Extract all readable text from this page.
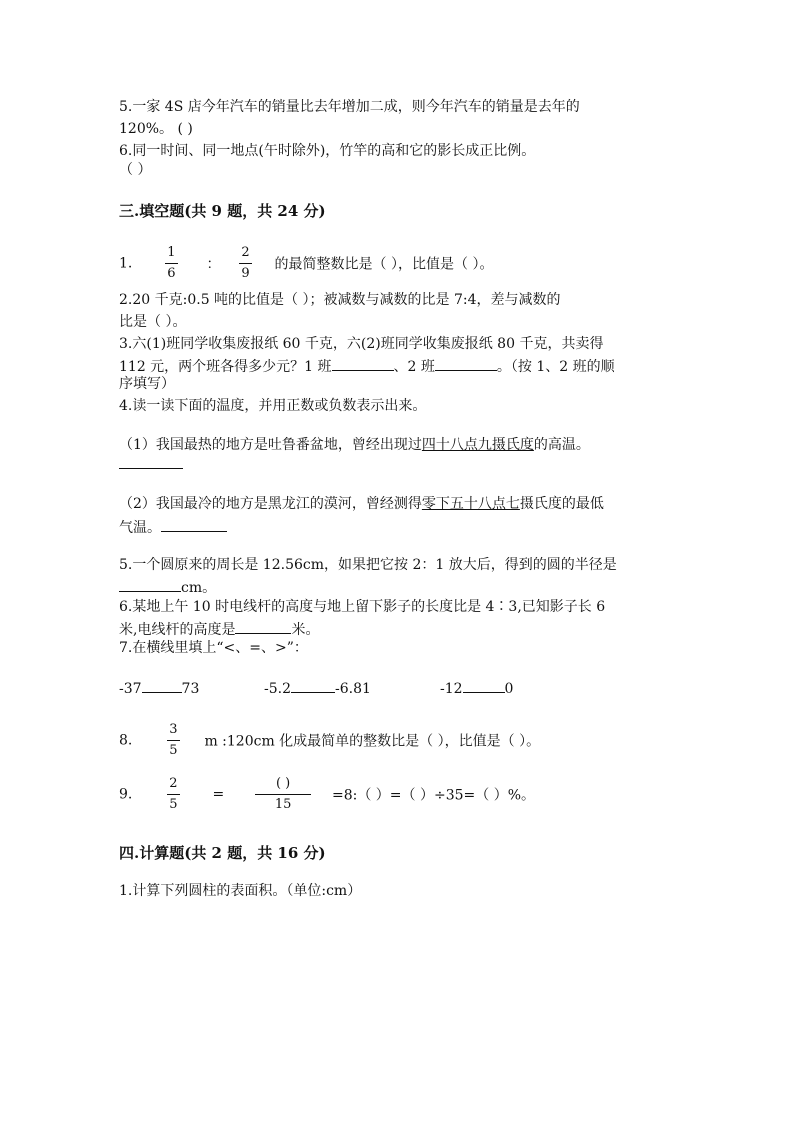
5.一家 4S 店今年汽车的销量比去年增加二成，则今年汽车的销量是去年的
120%。 ( )
6.同一时间、同一地点(午时除外)，竹竿的高和它的影长成正比例。
（ ）
三.填空题(共 9 题，共 24 分)
1.	$\frac{1}{6}$ ： $\frac{2}{9}$ 的最简整数比是（ ），比值是（ ）。
2.20 千克:0.5 吨的比值是（ ）；被减数与减数的比是 7:4，差与减数的
比是（ ）。
3.六(1)班同学收集废报纸 60 千克，六(2)班同学收集废报纸 80 千克，共卖得
112 元，两个班各得多少元？1 班	、2 班	。（按 1、2 班的顺
序填写）
4.读一读下面的温度，并用正数或负数表示出来。
（1）我国最热的地方是吐鲁番盆地，曾经出现过四十八点九摄氏度的高温。
（2）我国最冷的地方是黑龙江的漠河，曾经测得零下五十八点七摄氏度的最低
气温。
5.一个圆原来的周长是 12.56cm，如果把它按 2：1 放大后，得到的圆的半径是
cm。
6.某地上午 10 时电线杆的高度与地上留下影子的长度比是 4∶3,已知影子长 6
米,电线杆的高度是	米。
7.在横线里填上“<、=、>”：
-37	73	-5.2	-6.81	-12	0
8.	$\frac{3}{5}$ m :120cm 化成最简单的整数比是（ ），比值是（ ）。
9.	$\frac{2}{5} = \frac{( )}{15}$ =8:（ ）=（ ）÷35=（ ）%。
四.计算题(共 2 题，共 16 分)
1.计算下列圆柱的表面积。（单位:cm）
